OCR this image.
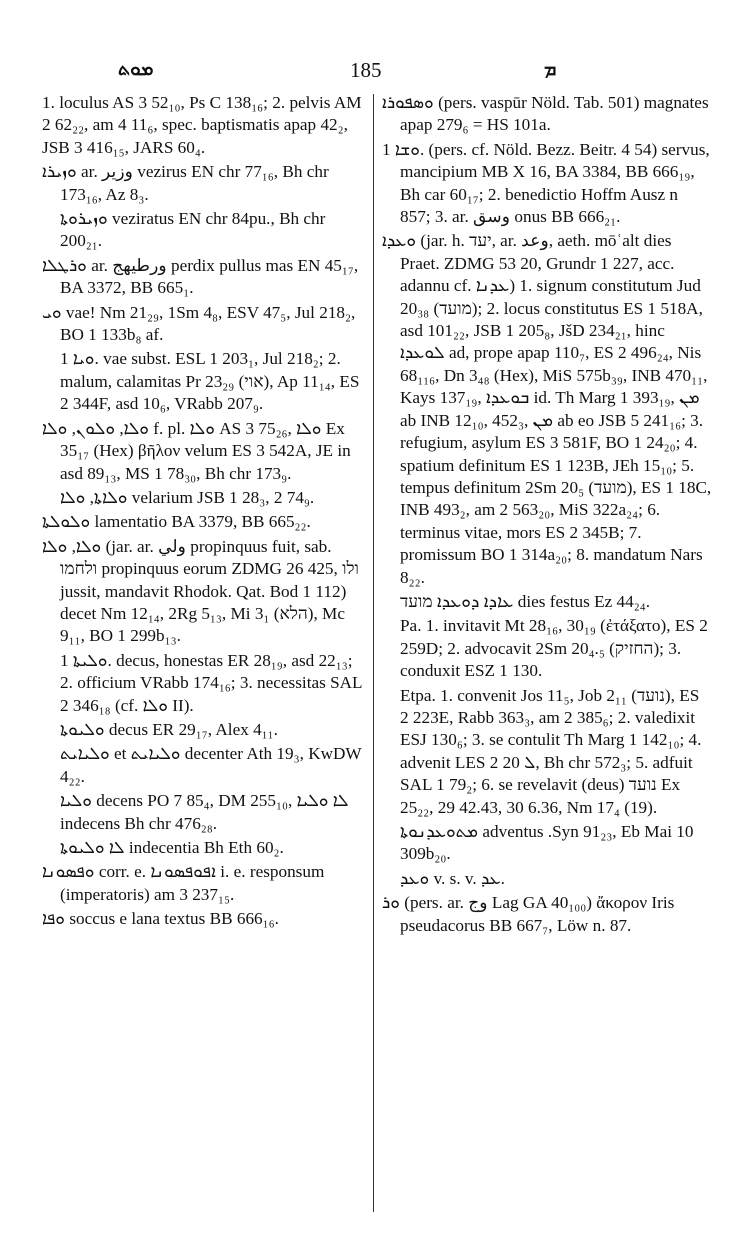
ܡܘܬ	185	ܡ
1. loculus AS 3 52₁₀, Ps C 138₁₆; 2. pelvis AM 2 62₂₂, am 4 11₆, spec. baptismatis apap 42₂, JSB 3 416₁₅, JARS 60₄.
ܘܙܝܪܐ ar. وزير vezirus EN chr 77₁₆, Bh chr 173₁₆, Az 8₃.
ܘܙܝܪܘܬܐ veziratus EN chr 84pu., Bh chr 200₂₁.
ܘܪܛܠܐ ar. ورطيهج perdix pullus mas EN 45₁₇, BA 3372, BB 665₁.
ܘܝ vae! Nm 21₂₉, 1Sm 4₈, ESV 47₅, Jul 218₂, BO 1 133b₈ af.
ܘܝܐ 1. vae subst. ESL 1 203₁, Jul 218₂; 2. malum, calamitas Pr 23₂₉ (אוי), Ap 11₁₄, ES 2 344F, asd 10₆, VRabb 207₉.
ܘܠܐ, ܘܠܘܢ, ܘܠܐ f. pl. ܘܠܐ AS 3 75₂₆, ܘܠܐ Ex 35₁₇ (Hex) βῆλον velum ES 3 542A, JE in asd 89₁₃, MS 1 78₃₀, Bh chr 173₉.
ܘܠܐܬܐ, ܘܠܐ velarium JSB 1 28₃, 2 74₉.
ܘܠܘܠܬܐ lamentatio BA 3379, BB 665₂₂.
ܘܠܐ, ܘܠܐ (jar. ar. ولي propinquus fuit, sab. ולחמו propinquus eorum ZDMG 26 425, ולו jussit, mandavit Rhodok. Qat. Bod 1 112) decet Nm 12₁₄, 2Rg 5₁₃, Mi 3₁ (הלא), Mc 9₁₁, BO 1 299b₁₃.
ܘܠܝܬܐ 1. decus, honestas ER 28₁₉, asd 22₁₃; 2. officium VRabb 174₁₆; 3. necessitas SAL 2 346₁₈ (cf. ܘܠܐ II).
ܘܠܝܘܬܐ decus ER 29₁₇, Alex 4₁₁.
ܘܠܝܐܝܬ et ܘܠܝܐܝܬ decenter Ath 19₃, KwDW 4₂₂.
ܘܠܝܐ decens PO 7 85₄, DM 255₁₀, ܠܐ ܘܠܝܐ indecens Bh chr 476₂₈.
ܠܐ ܘܠܝܘܬܐ indecentia Bh Eth 60₂.
ܘܦܣܘܢܐ corr. e. ܐܦܘܦܣܘܢܐ i. e. responsum (imperatoris) am 3 237₁₅.
ܘܦܐ soccus e lana textus BB 666₁₆.
ܘܣܦܘܪܐ (pers. vaspūr Nöld. Tab. 501) magnates apap 279₆ = HS 101a.
ܘܫܐ 1. (pers. cf. Nöld. Bezz. Beitr. 4 54) servus, mancipium MB X 16, BA 3384, BB 666₁₉, Bh car 60₁₇; 2. benedictio Hoffm Ausz n 857; 3. ar. وسق onus BB 666₂₁.
ܘܥܕܐ (jar. h. יעד, ar. وعد, aeth. mōʿalt dies Praet. ZDMG 53 20, Grundr 1 227, acc. adannu cf. ܥܕܢܐ) 1. signum constitutum Jud 20₃₈ (מועד); 2. locus constitutus ES 1 518A, asd 101₂₂, JSB 1 205₈, JšD 234₂₁, hinc ܠܘܥܕܐ ad, prope apap 110₇, ES 2 496₂₄, Nis 68₁₁₆, Dn 3₄₈ (Hex), MiS 575b₃₉, INB 470₁₁, Kays 137₁₉, ܒܘܥܕܐ id. Th Marg 1 393₁₉, ܡܢ ab INB 12₁₀, 452₃, ܡܢ ab eo JSB 5 241₁₆; 3. refugium, asylum ES 3 581F, BO 1 24₂₀; 4. spatium definitum ES 1 123B, JEh 15₁₀; 5. tempus definitum 2Sm 20₅ (מועד), ES 1 18C, INB 493₂, am 2 563₂₀, MiS 322a₂₄; 6. terminus vitae, mors ES 2 345B; 7. promissum BO 1 314a₂₀; 8. mandatum Nars 8₂₂.
ܥܐܕܐ ܕܘܥܕܐ מועד dies festus Ez 44₂₄.
Pa. 1. invitavit Mt 28₁₆, 30₁₉ (ἐτάξατο), ES 2 259D; 2. advocavit 2Sm 20₄.₅ (החזיק); 3. conduxit ESZ 1 130.
Etpa. 1. convenit Jos 11₅, Job 2₁₁ (נועד), ES 2 223E, Rabb 363₃, am 2 385₆; 2. valedixit ESJ 130₆; 3. se contulit Th Marg 1 142₁₀; 4. advenit LES 2 ܠ 20, Bh chr 572₃; 5. adfuit SAL 1 79₂; 6. se revelavit (deus) נועד Ex 25₂₂, 29 42.43, 30 6.36, Nm 17₄ (19).
ܡܬܘܥܕܢܘܬܐ adventus .Syn 91₂₃, Eb Mai 10 309b₂₀.
ܘܥܕ v. s. v. ܥܕ.
ܘܪ (pers. ar. وج Lag GA 40₁₀₀) ἄκορον Iris pseudacorus BB 667₇, Löw n. 87.
